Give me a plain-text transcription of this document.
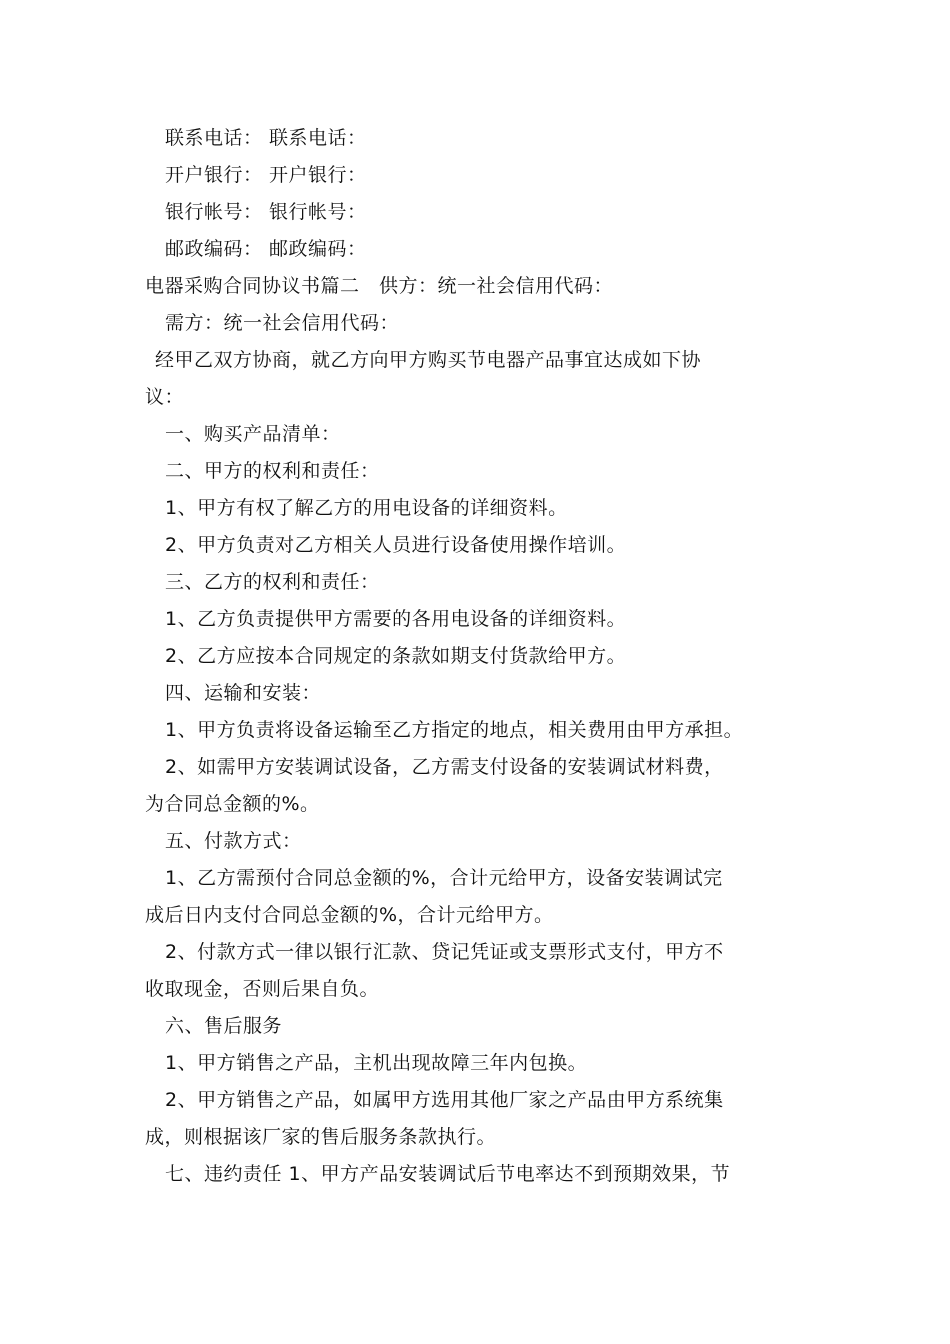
联系电话： 联系电话：
开户银行： 开户银行：
银行帐号： 银行帐号：
邮政编码： 邮政编码：
电器采购合同协议书篇二　供方：统一社会信用代码：
需方：统一社会信用代码：
经甲乙双方协商，就乙方向甲方购买节电器产品事宜达成如下协
议：
一、购买产品清单：
二、甲方的权利和责任：
1、甲方有权了解乙方的用电设备的详细资料。
2、甲方负责对乙方相关人员进行设备使用操作培训。
三、乙方的权利和责任：
1、乙方负责提供甲方需要的各用电设备的详细资料。
2、乙方应按本合同规定的条款如期支付货款给甲方。
四、运输和安装：
1、甲方负责将设备运输至乙方指定的地点，相关费用由甲方承担。
2、如需甲方安装调试设备，乙方需支付设备的安装调试材料费，
为合同总金额的%。
五、付款方式：
1、乙方需预付合同总金额的%，合计元给甲方，设备安装调试完
成后日内支付合同总金额的%，合计元给甲方。
2、付款方式一律以银行汇款、贷记凭证或支票形式支付，甲方不
收取现金，否则后果自负。
六、售后服务
1、甲方销售之产品，主机出现故障三年内包换。
2、甲方销售之产品，如属甲方选用其他厂家之产品由甲方系统集
成，则根据该厂家的售后服务条款执行。
七、违约责任 1、甲方产品安装调试后节电率达不到预期效果，节
